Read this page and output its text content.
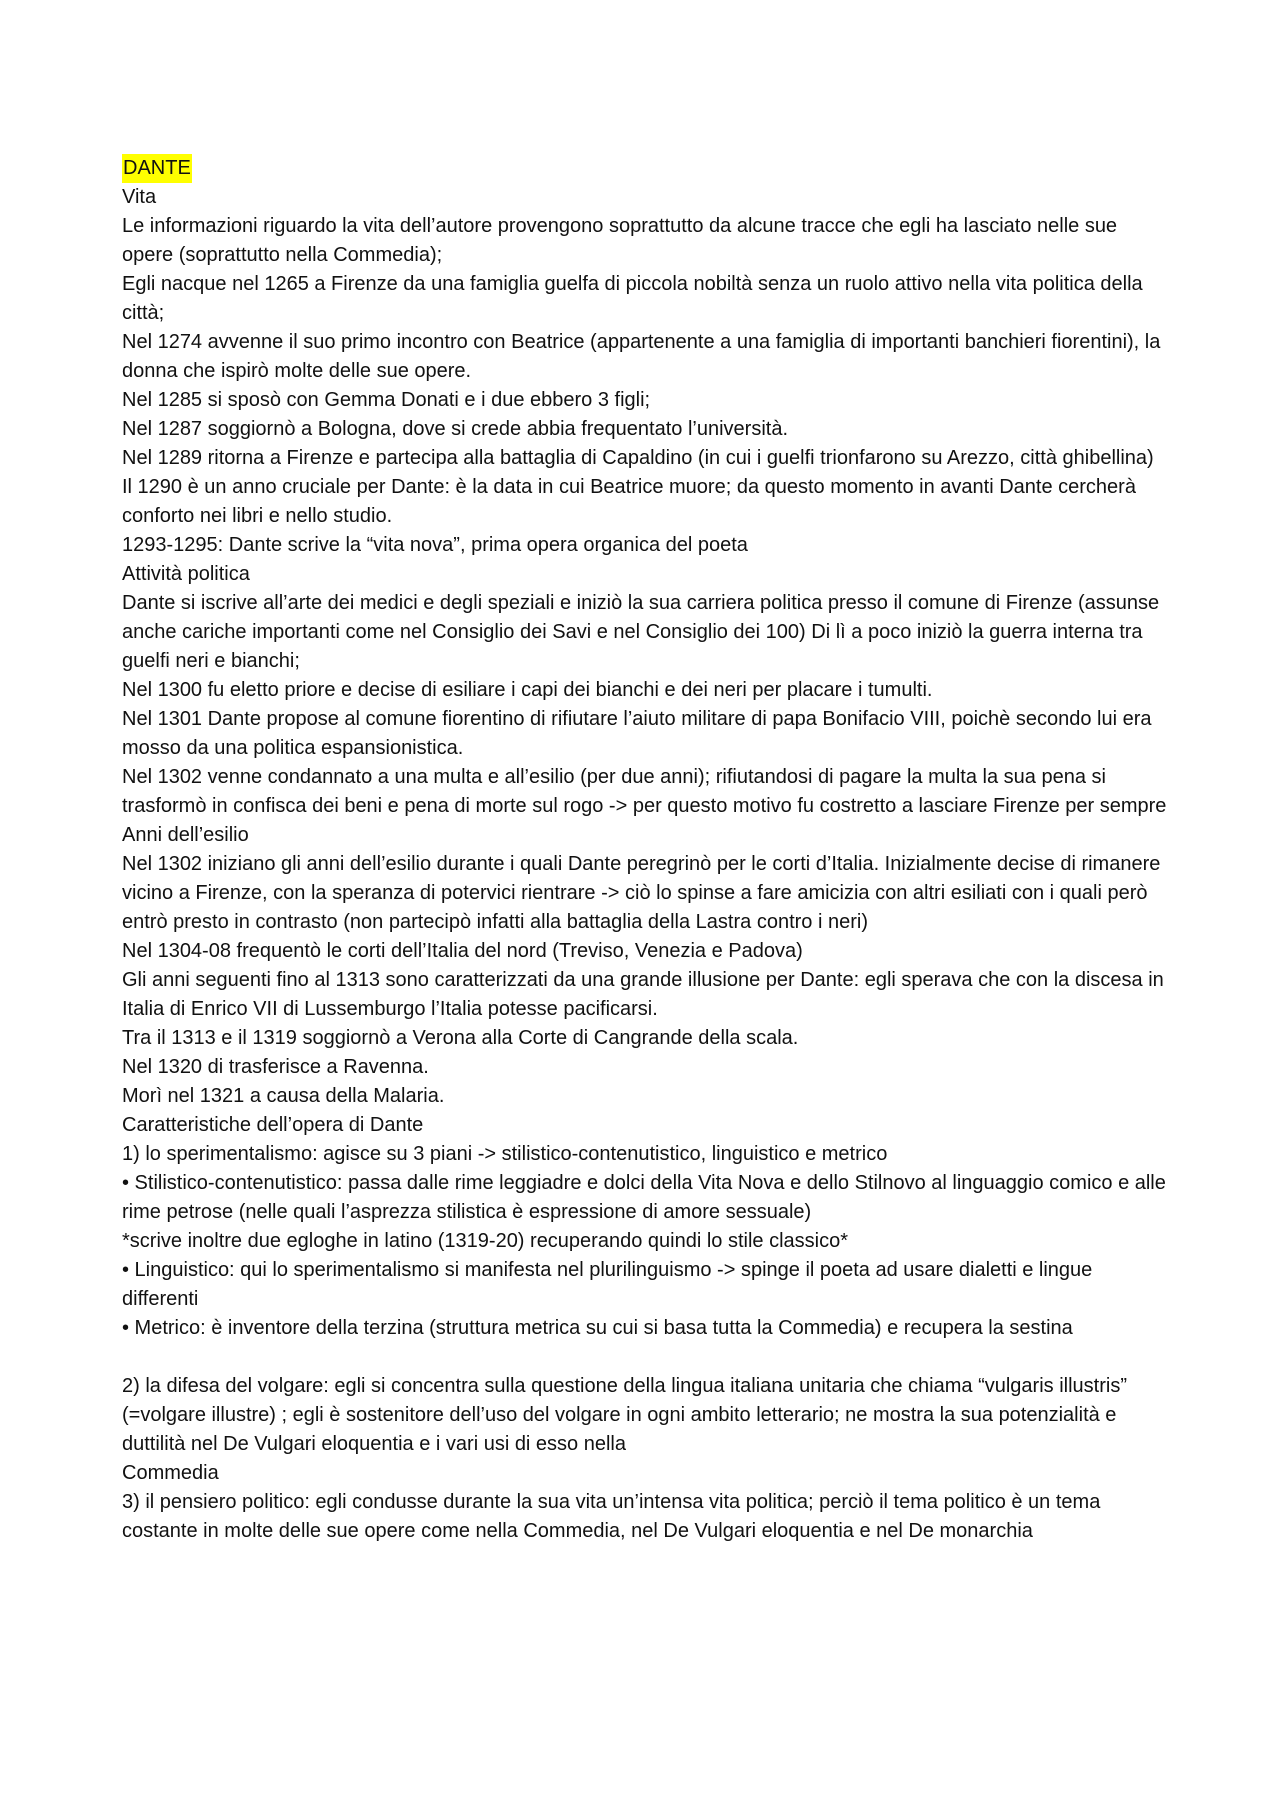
DANTE

Vita

Le informazioni riguardo la vita dell’autore provengono soprattutto da alcune tracce che egli ha lasciato nelle sue opere (soprattutto nella Commedia);

Egli nacque nel 1265 a Firenze da una famiglia guelfa di piccola nobiltà senza un ruolo attivo nella vita politica della città;

Nel 1274 avvenne il suo primo incontro con Beatrice (appartenente a una famiglia di importanti banchieri fiorentini), la donna che ispirò molte delle sue opere.

Nel 1285 si sposò con Gemma Donati e i due ebbero 3 figli;

Nel 1287 soggiornò a Bologna, dove si crede abbia frequentato l’università.

Nel 1289 ritorna a Firenze e partecipa alla battaglia di Capaldino (in cui i guelfi trionfarono su Arezzo, città ghibellina)

Il 1290 è un anno cruciale per Dante: è la data in cui Beatrice muore; da questo momento in avanti Dante cercherà conforto nei libri e nello studio.

1293-1295: Dante scrive la “vita nova”, prima opera organica del poeta

Attività politica

Dante si iscrive all’arte dei medici e degli speziali e iniziò la sua carriera politica presso il comune di Firenze (assunse anche cariche importanti come nel Consiglio dei Savi e nel Consiglio dei 100) Di lì a poco iniziò la guerra interna tra guelfi neri e bianchi;

Nel 1300 fu eletto priore e decise di esiliare i capi dei bianchi e dei neri per placare i tumulti.

Nel 1301 Dante propose al comune fiorentino di rifiutare l’aiuto militare di papa Bonifacio VIII, poichè secondo lui era mosso da una politica espansionistica.

Nel 1302 venne condannato a una multa e all’esilio (per due anni); rifiutandosi di pagare la multa la sua pena si trasformò in confisca dei beni e pena di morte sul rogo -> per questo motivo fu costretto a lasciare Firenze per sempre

Anni dell’esilio

Nel 1302 iniziano gli anni dell’esilio durante i quali Dante peregrinò per le corti d’Italia. Inizialmente decise di rimanere vicino a Firenze, con la speranza di potervici rientrare -> ciò lo spinse a fare amicizia con altri esiliati con i quali però entrò presto in contrasto (non partecipò infatti alla battaglia della Lastra contro i neri)

Nel 1304-08 frequentò le corti dell’Italia del nord (Treviso, Venezia e Padova)

Gli anni seguenti fino al 1313 sono caratterizzati da una grande illusione per Dante: egli sperava che con la discesa in Italia di Enrico VII di Lussemburgo l’Italia potesse pacificarsi.

Tra il 1313 e il 1319 soggiornò a Verona alla Corte di Cangrande della scala.

Nel 1320 di trasferisce a Ravenna.

Morì nel 1321 a causa della Malaria.

Caratteristiche dell’opera di Dante

1) lo sperimentalismo: agisce su 3 piani -> stilistico-contenutistico, linguistico e metrico

• Stilistico-contenutistico: passa dalle rime leggiadre e dolci della Vita Nova e dello Stilnovo al linguaggio comico e alle rime petrose (nelle quali l’asprezza stilistica è espressione di amore sessuale)

*scrive inoltre due egloghe in latino (1319-20) recuperando quindi lo stile classico*

• Linguistico: qui lo sperimentalismo si manifesta nel plurilinguismo -> spinge il poeta ad usare dialetti e lingue differenti

• Metrico: è inventore della terzina (struttura metrica su cui si basa tutta la Commedia) e recupera la sestina

2) la difesa del volgare: egli si concentra sulla questione della lingua italiana unitaria che chiama “vulgaris illustris” (=volgare illustre) ; egli è sostenitore dell’uso del volgare in ogni ambito letterario; ne mostra la sua potenzialità e duttilità nel De Vulgari eloquentia e i vari usi di esso nella

Commedia

3) il pensiero politico: egli condusse durante la sua vita un’intensa vita politica; perciò il tema politico è un tema costante in molte delle sue opere come nella Commedia, nel De Vulgari eloquentia e nel De monarchia
